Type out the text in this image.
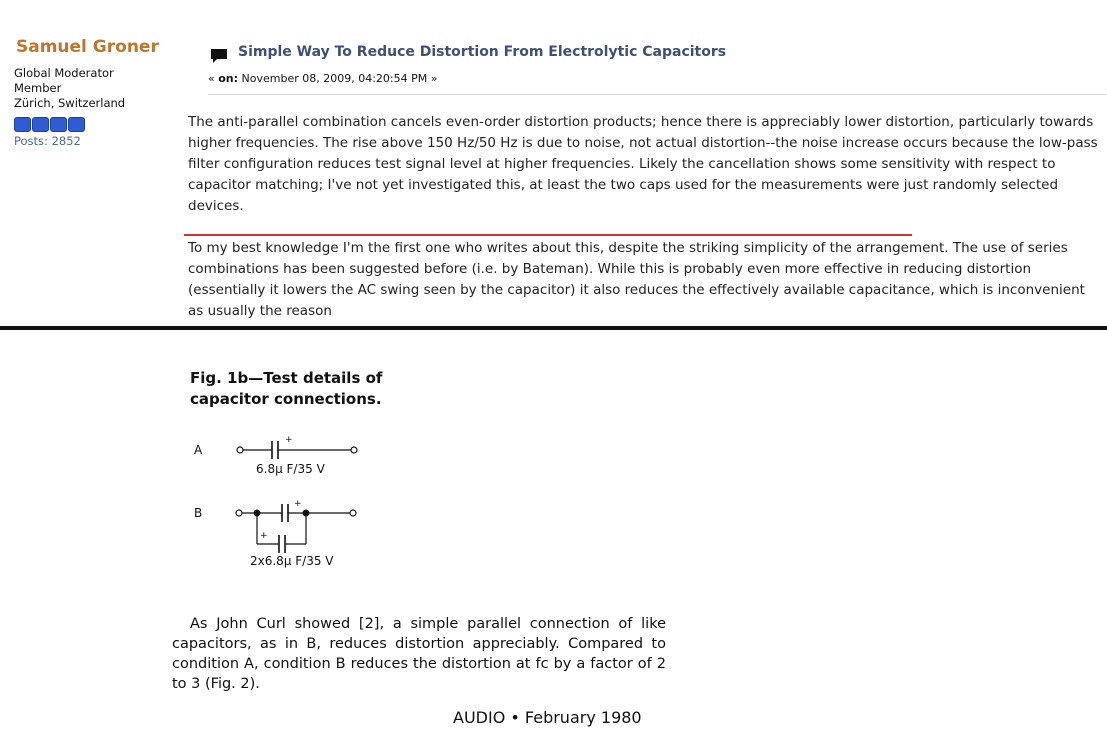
Samuel Groner
Global Moderator
Member
Zürich, Switzerland
Posts: 2852
Simple Way To Reduce Distortion From Electrolytic Capacitors
« on: November 08, 2009, 04:20:54 PM »

The anti-parallel combination cancels even-order distortion products; hence there is appreciably lower distortion, particularly towards higher frequencies. The rise above 150 Hz/50 Hz is due to noise, not actual distortion--the noise increase occurs because the low-pass filter configuration reduces test signal level at higher frequencies. Likely the cancellation shows some sensitivity with respect to capacitor matching; I've not yet investigated this, at least the two caps used for the measurements were just randomly selected devices.

To my best knowledge I'm the first one who writes about this, despite the striking simplicity of the arrangement. The use of series combinations has been suggested before (i.e. by Bateman). While this is probably even more effective in reducing distortion (essentially it lowers the AC swing seen by the capacitor) it also reduces the effectively available capacitance, which is inconvenient as usually the reason

Fig. 1b—Test details of
capacitor connections.
A
+
6.8µ F/35 V
B
+
+
2x6.8µ F/35 V
As John Curl showed [2], a simple parallel connection of like capacitors, as in B, reduces distortion appreciably. Compared to condition A, condition B reduces the distortion at fc by a factor of 2 to 3 (Fig. 2).
AUDIO • February 1980
